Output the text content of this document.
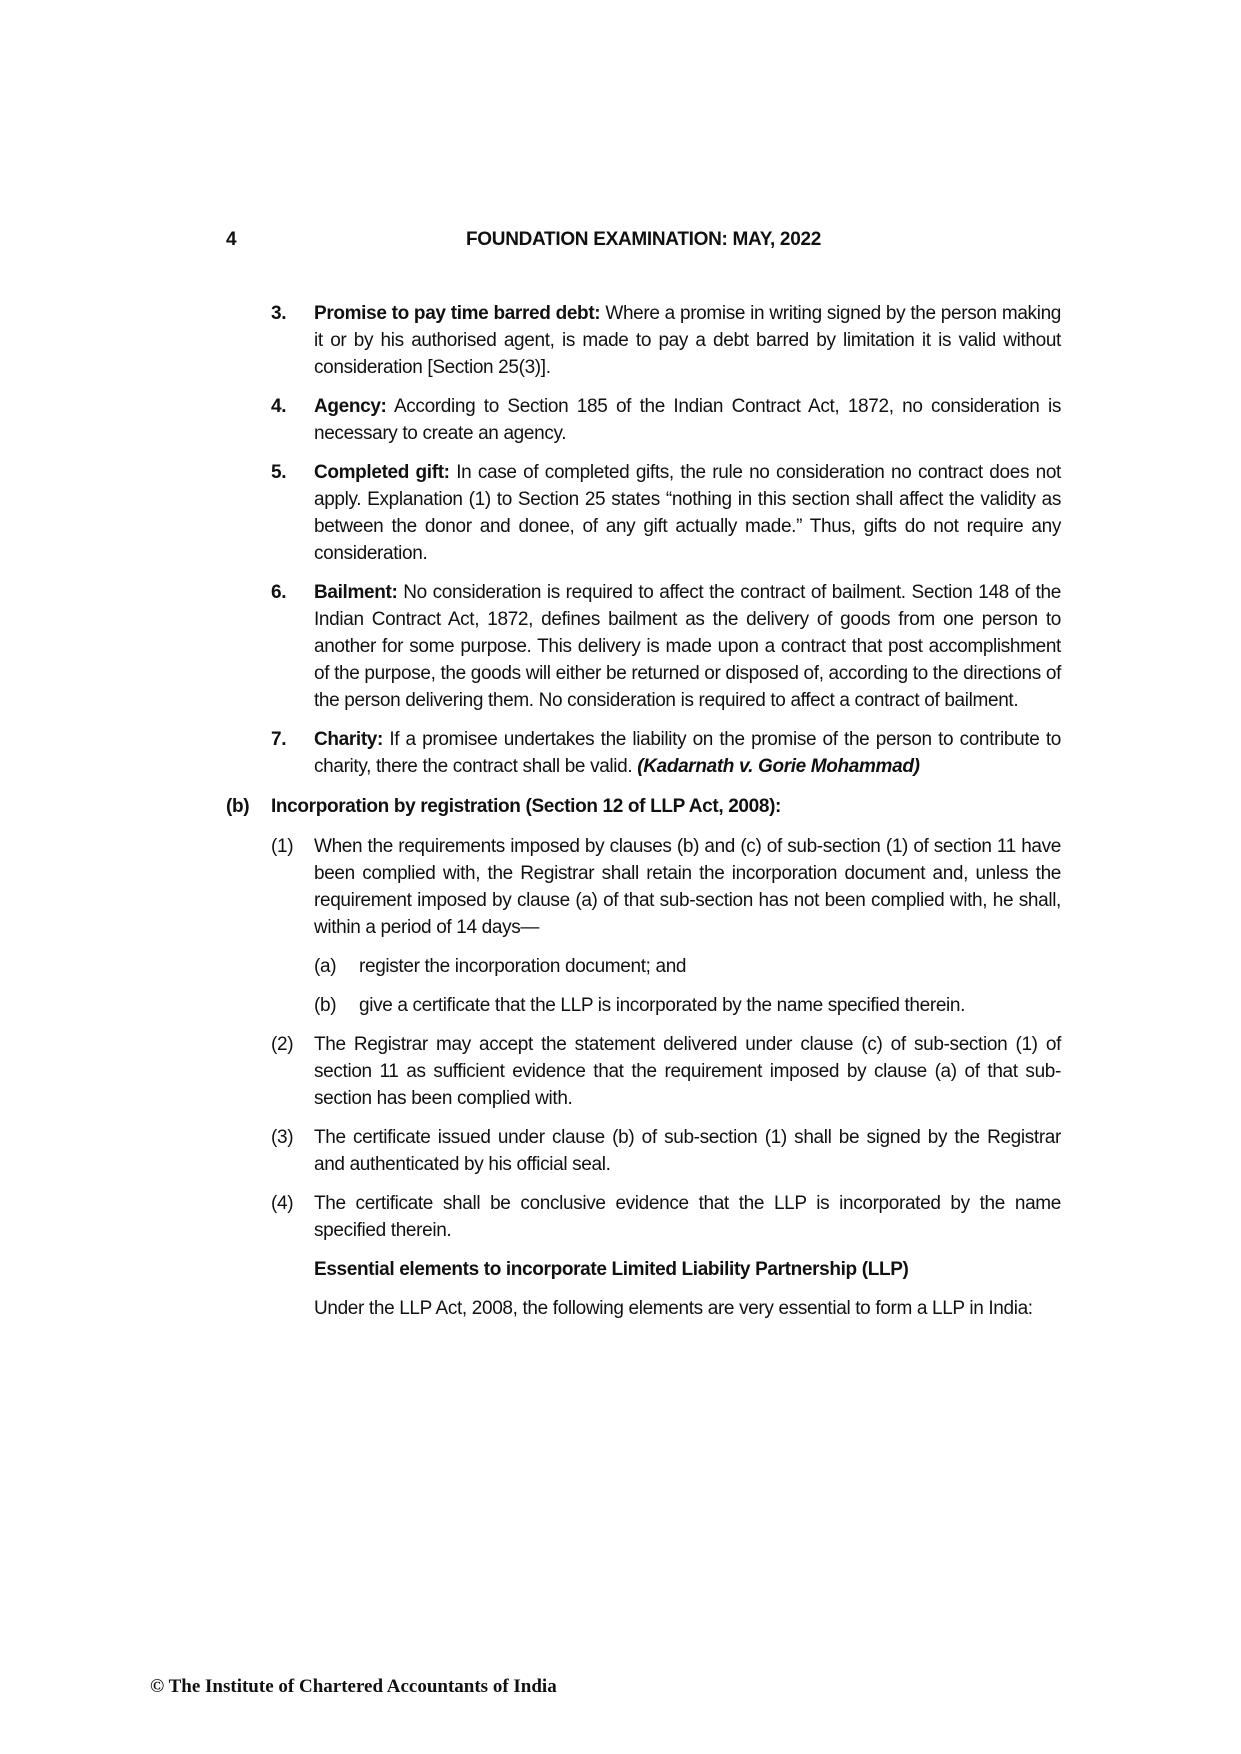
4	FOUNDATION EXAMINATION: MAY, 2022
3. Promise to pay time barred debt: Where a promise in writing signed by the person making it or by his authorised agent, is made to pay a debt barred by limitation it is valid without consideration [Section 25(3)].
4. Agency: According to Section 185 of the Indian Contract Act, 1872, no consideration is necessary to create an agency.
5. Completed gift: In case of completed gifts, the rule no consideration no contract does not apply. Explanation (1) to Section 25 states “nothing in this section shall affect the validity as between the donor and donee, of any gift actually made.” Thus, gifts do not require any consideration.
6. Bailment: No consideration is required to affect the contract of bailment. Section 148 of the Indian Contract Act, 1872, defines bailment as the delivery of goods from one person to another for some purpose. This delivery is made upon a contract that post accomplishment of the purpose, the goods will either be returned or disposed of, according to the directions of the person delivering them. No consideration is required to affect a contract of bailment.
7. Charity: If a promisee undertakes the liability on the promise of the person to contribute to charity, there the contract shall be valid. (Kadarnath v. Gorie Mohammad)
(b) Incorporation by registration (Section 12 of LLP Act, 2008):
(1) When the requirements imposed by clauses (b) and (c) of sub-section (1) of section 11 have been complied with, the Registrar shall retain the incorporation document and, unless the requirement imposed by clause (a) of that sub-section has not been complied with, he shall, within a period of 14 days—
(a) register the incorporation document; and
(b) give a certificate that the LLP is incorporated by the name specified therein.
(2) The Registrar may accept the statement delivered under clause (c) of sub-section (1) of section 11 as sufficient evidence that the requirement imposed by clause (a) of that sub-section has been complied with.
(3) The certificate issued under clause (b) of sub-section (1) shall be signed by the Registrar and authenticated by his official seal.
(4) The certificate shall be conclusive evidence that the LLP is incorporated by the name specified therein.
Essential elements to incorporate Limited Liability Partnership (LLP)
Under the LLP Act, 2008, the following elements are very essential to form a LLP in India:
© The Institute of Chartered Accountants of India
